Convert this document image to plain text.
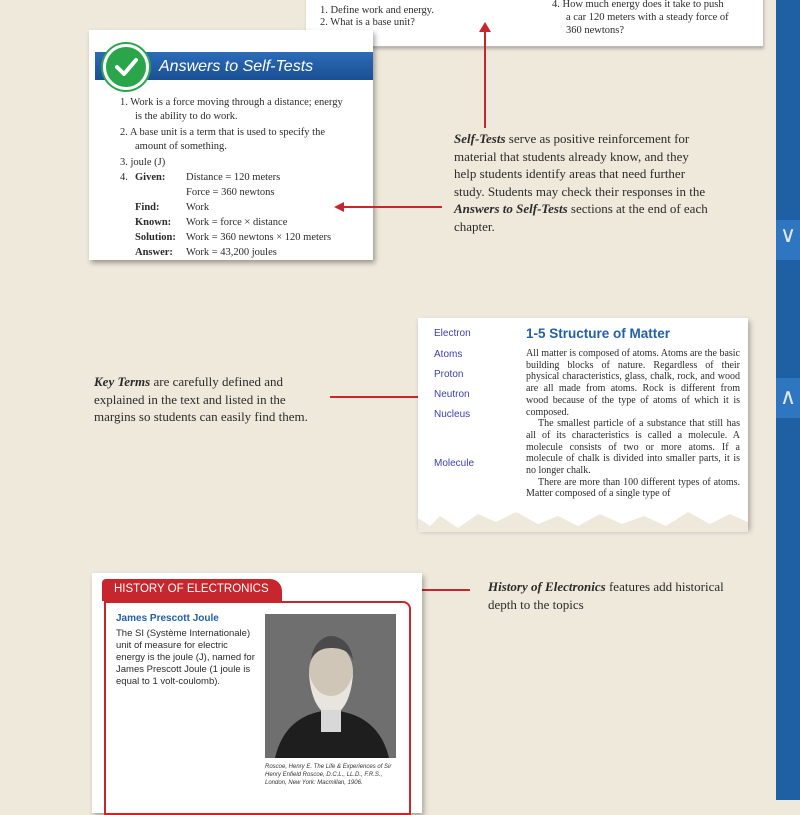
∨
∧
1. Define work and energy.
2. What is a base unit?
4. How much energy does it take to push
a car 120 meters with a steady force of
360 newtons?
Answers to Self-Tests
1. Work is a force moving through a distance; energy
is the ability to do work.
2. A base unit is a term that is used to specify the
amount of something.
3. joule (J)
4. Given: Distance = 120 meters
Force = 360 newtons
Find:	Work
Known: Work = force × distance
Solution: Work = 360 newtons × 120 meters
Answer: Work = 43,200 joules
Self-Tests serve as positive reinforcement for material that students already know, and they help students identify areas that need further study. Students may check their responses in the Answers to Self-Tests sections at the end of each chapter.
Key Terms are carefully defined and explained in the text and listed in the margins so students can easily find them.
Electron
Atoms
Proton
Neutron
Nucleus
Molecule
1-5 Structure of Matter
All matter is composed of atoms. Atoms are the basic building blocks of nature. Regardless of their physical characteristics, glass, chalk, rock, and wood are all made from atoms. Rock is different from wood because of the type of atoms of which it is composed.
The smallest particle of a substance that still has all of its characteristics is called a molecule. A molecule consists of two or more atoms. If a molecule of chalk is divided into smaller parts, it is no longer chalk.
There are more than 100 different types of atoms. Matter composed of a single type of
History of Electronics features add historical depth to the topics
HISTORY OF ELECTRONICS
James Prescott Joule
The SI (Système Internationale) unit of measure for electric energy is the joule (J), named for James Prescott Joule (1 joule is equal to 1 volt-coulomb).
Roscoe, Henry E. The Life & Experiences of Sir Henry Enfield Roscoe, D.C.L., LL.D., F.R.S., London, New York: Macmillan, 1906.
